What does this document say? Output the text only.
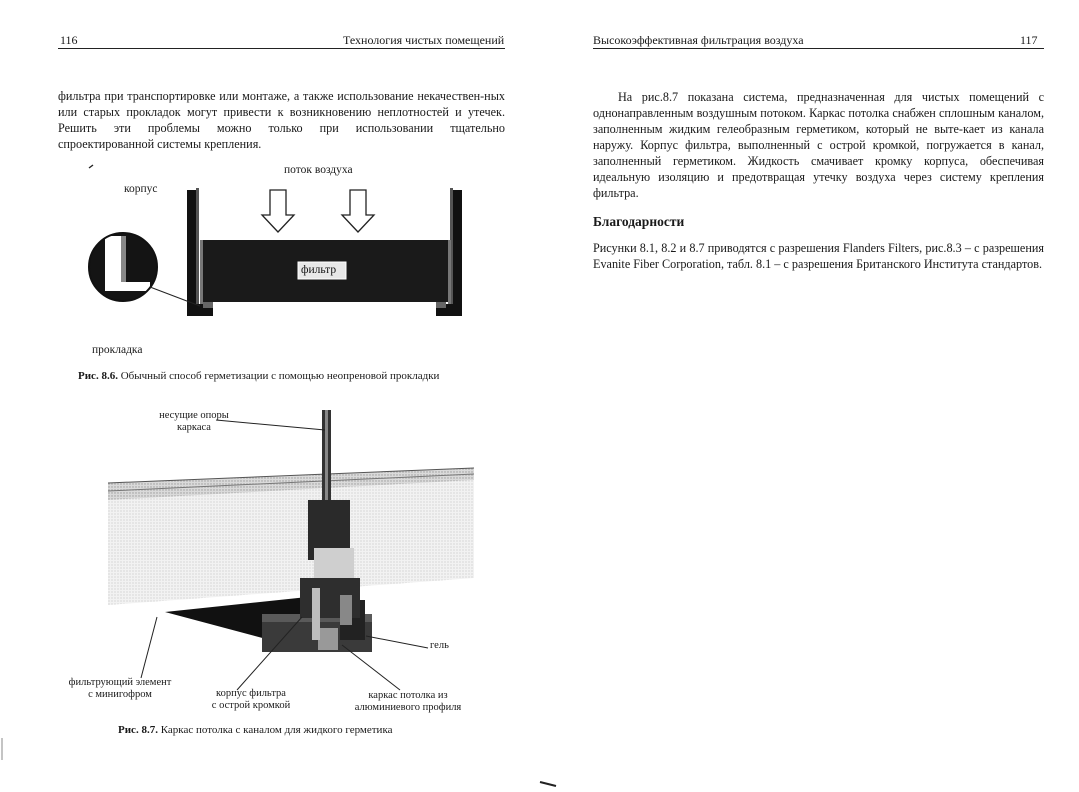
116	Технология чистых помещений

фильтра при транспортировке или монтаже, а также использование некачествен-ных или старых прокладок могут привести к возникновению неплотностей и утечек. Решить эти проблемы можно только при использовании тщательно спроектированной системы крепления.

поток воздуха
корпус
фильтр
прокладка
Рис. 8.6. Обычный способ герметизации с помощью неопреновой прокладки
несущие опоры
каркаса
гель
фильтрующий элемент
с минигофром	корпус фильтра
с острой кромкой
каркас потолка из
алюминиевого профиля
Рис. 8.7. Каркас потолка с каналом для жидкого герметика
Высокоэффективная фильтрация воздуха	117

На рис.8.7 показана система, предназначенная для чистых помещений с однонаправленным воздушным потоком. Каркас потолка снабжен сплошным каналом, заполненным жидким гелеобразным герметиком, который не выте-кает из канала наружу. Корпус фильтра, выполненный с острой кромкой, погружается в канал, заполненный герметиком. Жидкость смачивает кромку корпуса, обеспечивая идеальную изоляцию и предотвращая утечку воздуха через систему крепления фильтра.

Благодарности

Рисунки 8.1, 8.2 и 8.7 приводятся с разрешения Flanders Filters, рис.8.3 – с разрешения Evanite Fiber Corporation, табл. 8.1 – с разрешения Британского Института стандартов.
